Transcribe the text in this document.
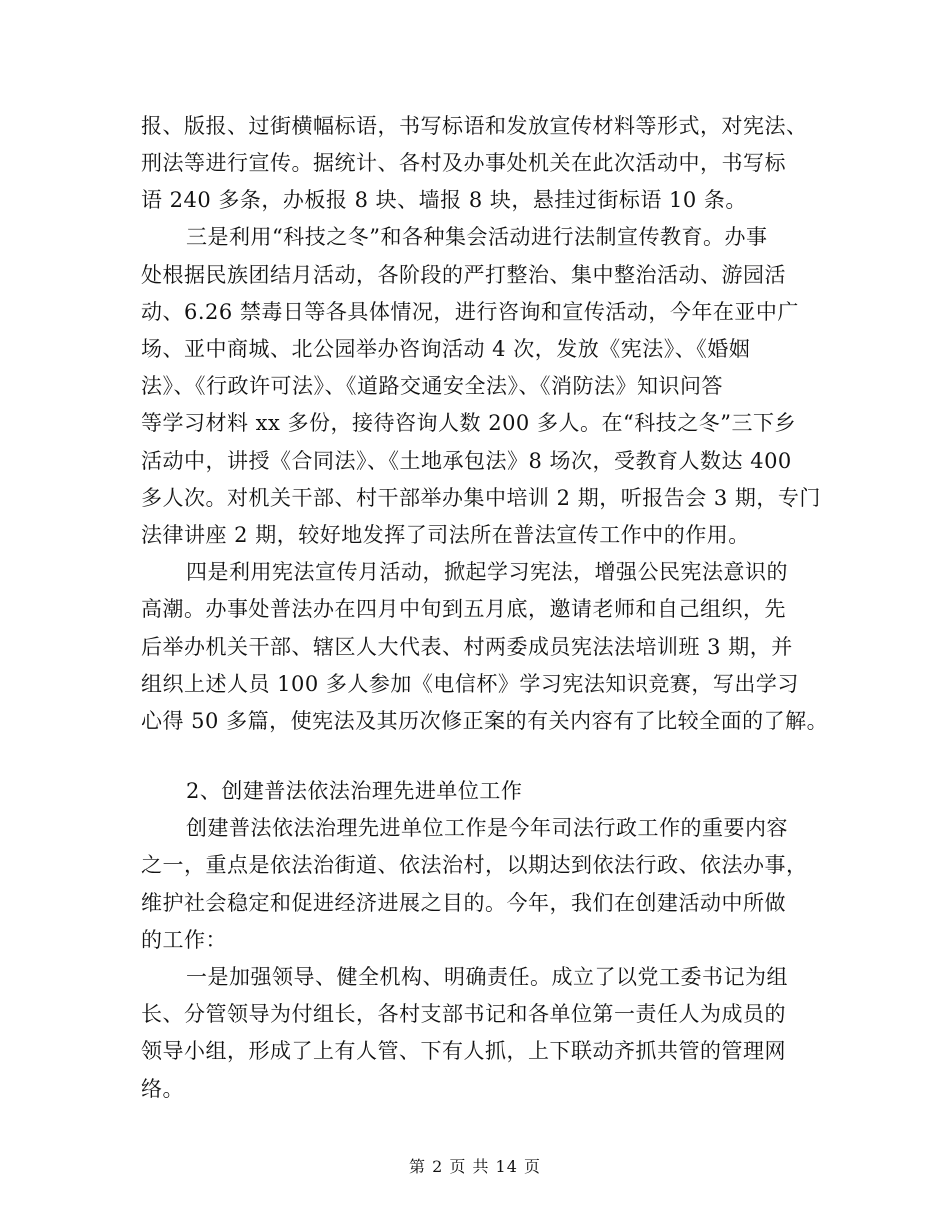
报、版报、过街横幅标语，书写标语和发放宣传材料等形式，对宪法、
刑法等进行宣传。据统计、各村及办事处机关在此次活动中，书写标
语 240 多条，办板报 8 块、墙报 8 块，悬挂过街标语 10 条。
三是利用“科技之冬”和各种集会活动进行法制宣传教育。办事
处根据民族团结月活动，各阶段的严打整治、集中整治活动、游园活
动、6.26 禁毒日等各具体情况，进行咨询和宣传活动，今年在亚中广
场、亚中商城、北公园举办咨询活动 4 次，发放《宪法》、《婚姻
法》、《行政许可法》、《道路交通安全法》、《消防法》知识问答
等学习材料 xx 多份，接待咨询人数 200 多人。在“科技之冬”三下乡
活动中，讲授《合同法》、《土地承包法》8 场次，受教育人数达 400
多人次。对机关干部、村干部举办集中培训 2 期，听报告会 3 期，专门
法律讲座 2 期，较好地发挥了司法所在普法宣传工作中的作用。
四是利用宪法宣传月活动，掀起学习宪法，增强公民宪法意识的
高潮。办事处普法办在四月中旬到五月底，邀请老师和自己组织，先
后举办机关干部、辖区人大代表、村两委成员宪法法培训班 3 期，并
组织上述人员 100 多人参加《电信杯》学习宪法知识竞赛，写出学习
心得 50 多篇，使宪法及其历次修正案的有关内容有了比较全面的了解。
2、创建普法依法治理先进单位工作
创建普法依法治理先进单位工作是今年司法行政工作的重要内容
之一，重点是依法治街道、依法治村，以期达到依法行政、依法办事，
维护社会稳定和促进经济进展之目的。今年，我们在创建活动中所做
的工作：
一是加强领导、健全机构、明确责任。成立了以党工委书记为组
长、分管领导为付组长，各村支部书记和各单位第一责任人为成员的
领导小组，形成了上有人管、下有人抓，上下联动齐抓共管的管理网
络。
第 2 页 共 14 页
